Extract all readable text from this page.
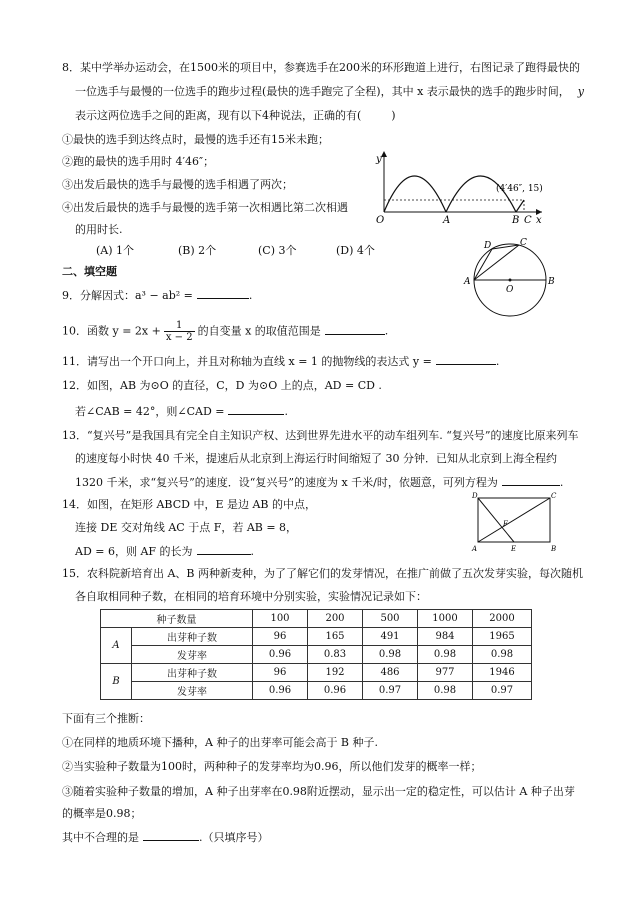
8．某中学举办运动会，在1500米的项目中，参赛选手在200米的环形跑道上进行，右图记录了跑得最快的
一位选手与最慢的一位选手的跑步过程(最快的选手跑完了全程)，其中 x 表示最快的选手的跑步时间， y
表示这两位选手之间的距离，现有以下4种说法，正确的有(	)
①最快的选手到达终点时，最慢的选手还有15米未跑；
②跑的最快的选手用时 4′46″；
③出发后最快的选手与最慢的选手相遇了两次；
④出发后最快的选手与最慢的选手第一次相遇比第二次相遇
的用时长.
(A) 1个	(B) 2个	(C) 3个	(D) 4个
y
x
O	A	B C
(4′46″, 15)
二、填空题
9．分解因式：a³ − ab² =	.
10．函数 $y = 2x + \frac{1}{x - 2}$ 的自变量 x 的取值范围是	.
11．请写出一个开口向上，并且对称轴为直线 x = 1 的抛物线的表达式 y =	.
12．如图，AB 为⊙O 的直径，C，D 为⊙O 上的点，AD = CD .
若∠CAB = 42°，则∠CAD =	.
A	B
C
D
O
13．“复兴号”是我国具有完全自主知识产权、达到世界先进水平的动车组列车. “复兴号”的速度比原来列车
的速度每小时快 40 千米，提速后从北京到上海运行时间缩短了 30 分钟．已知从北京到上海全程约
1320 千米，求“复兴号”的速度．设“复兴号”的速度为 x 千米/时，依题意，可列方程为	.
14．如图，在矩形 ABCD 中，E 是边 AB 的中点，
连接 DE 交对角线 AC 于点 F，若 AB = 8，
AD = 6，则 AF 的长为	.	A	B
C
D
E
F
15．农科院新培育出 A、B 两种新麦种，为了了解它们的发芽情况，在推广前做了五次发芽实验，每次随机
各自取相同种子数，在相同的培育环境中分别实验，实验情况记录如下：
种子数量		100	200	500	1000	2000
A	出芽种子数	96	165	491	984	1965
	发芽率	0.96	0.83	0.98	0.98	0.98
B	出芽种子数	96	192	486	977	1946
	发芽率	0.96	0.96	0.97	0.98	0.97
下面有三个推断：
①在同样的地质环境下播种，A 种子的出芽率可能会高于 B 种子.
②当实验种子数量为100时，两种种子的发芽率均为0.96，所以他们发芽的概率一样；
③随着实验种子数量的增加，A 种子出芽率在0.98附近摆动，显示出一定的稳定性，可以估计 A 种子出芽
的概率是0.98；
其中不合理的是	.（只填序号）
